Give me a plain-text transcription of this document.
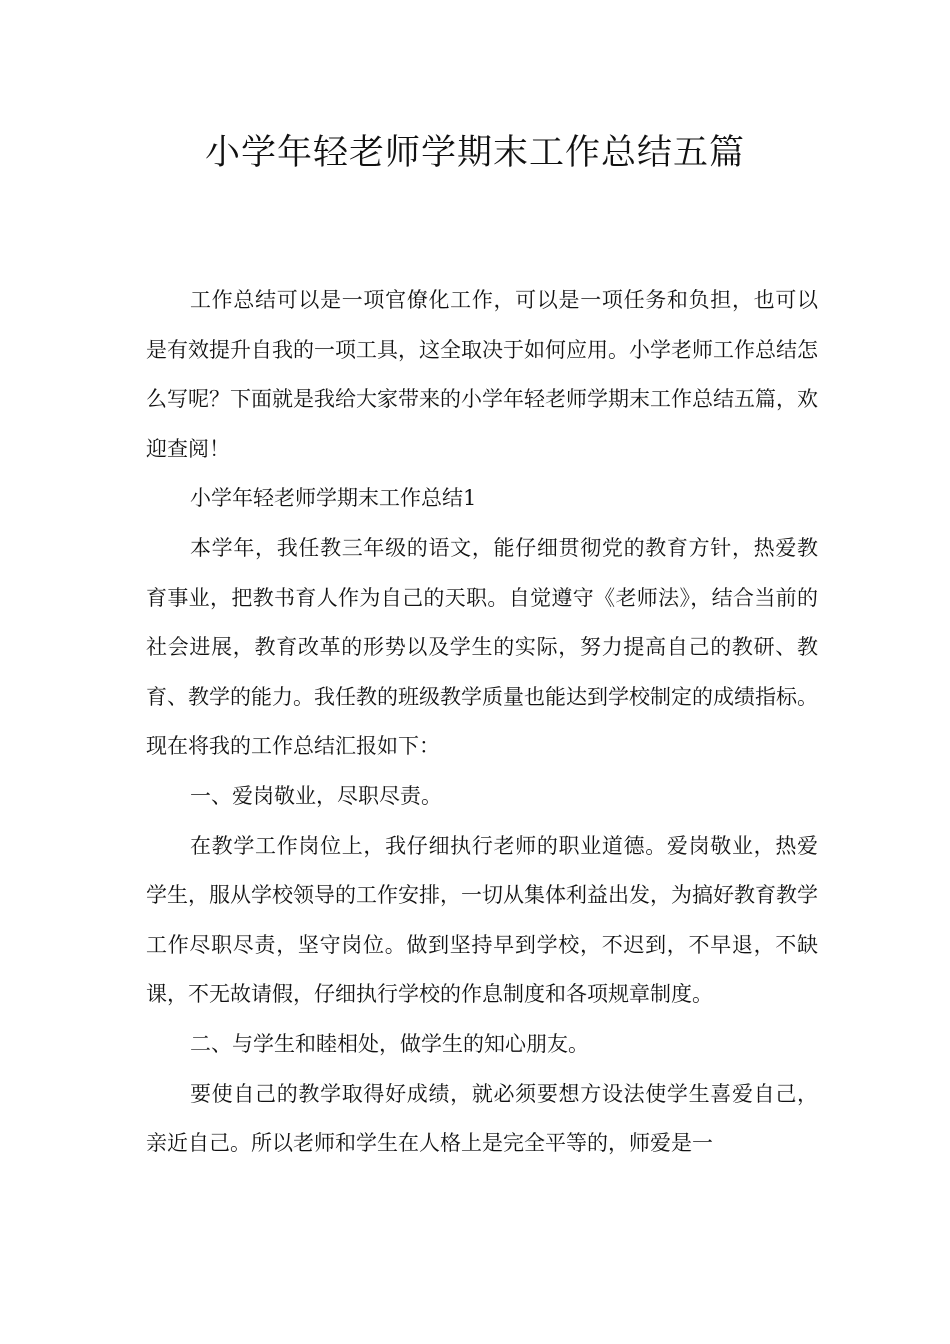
小学年轻老师学期末工作总结五篇

工作总结可以是一项官僚化工作，可以是一项任务和负担，也可以是有效提升自我的一项工具，这全取决于如何应用。小学老师工作总结怎么写呢？下面就是我给大家带来的小学年轻老师学期末工作总结五篇，欢迎查阅！

小学年轻老师学期末工作总结1

本学年，我任教三年级的语文，能仔细贯彻党的教育方针，热爱教育事业，把教书育人作为自己的天职。自觉遵守《老师法》，结合当前的社会进展，教育改革的形势以及学生的实际，努力提高自己的教研、教育、教学的能力。我任教的班级教学质量也能达到学校制定的成绩指标。现在将我的工作总结汇报如下：

一、爱岗敬业，尽职尽责。

在教学工作岗位上，我仔细执行老师的职业道德。爱岗敬业，热爱学生，服从学校领导的工作安排，一切从集体利益出发，为搞好教育教学工作尽职尽责，坚守岗位。做到坚持早到学校，不迟到，不早退，不缺课，不无故请假，仔细执行学校的作息制度和各项规章制度。

二、与学生和睦相处，做学生的知心朋友。

要使自己的教学取得好成绩，就必须要想方设法使学生喜爱自己，亲近自己。所以老师和学生在人格上是完全平等的，师爱是一
